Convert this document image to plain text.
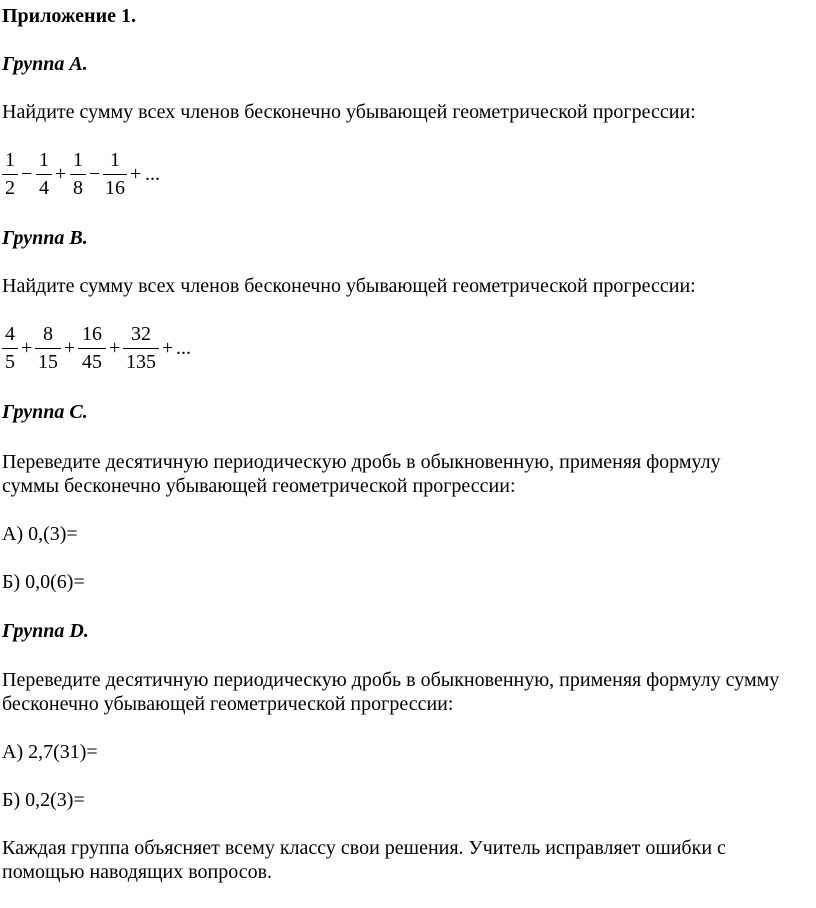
Приложение 1.
Группа А.
Найдите сумму всех членов бесконечно убывающей геометрической прогрессии:
1
2
−
1
4
+
1
8
−
1
16
+ ...
Группа В.
Найдите сумму всех членов бесконечно убывающей геометрической прогрессии:
4
5
+
8
15
+
16
45
+
32
135
+ ...
Группа С.
Переведите десятичную периодическую дробь в обыкновенную, применяя формулу
суммы бесконечно убывающей геометрической прогрессии:
А) 0,(3)=
Б) 0,0(6)=
Группа D.
Переведите десятичную периодическую дробь в обыкновенную, применяя формулу сумму
бесконечно убывающей геометрической прогрессии:
А) 2,7(31)=
Б) 0,2(3)=
Каждая группа объясняет всему классу свои решения. Учитель исправляет ошибки с
помощью наводящих вопросов.
